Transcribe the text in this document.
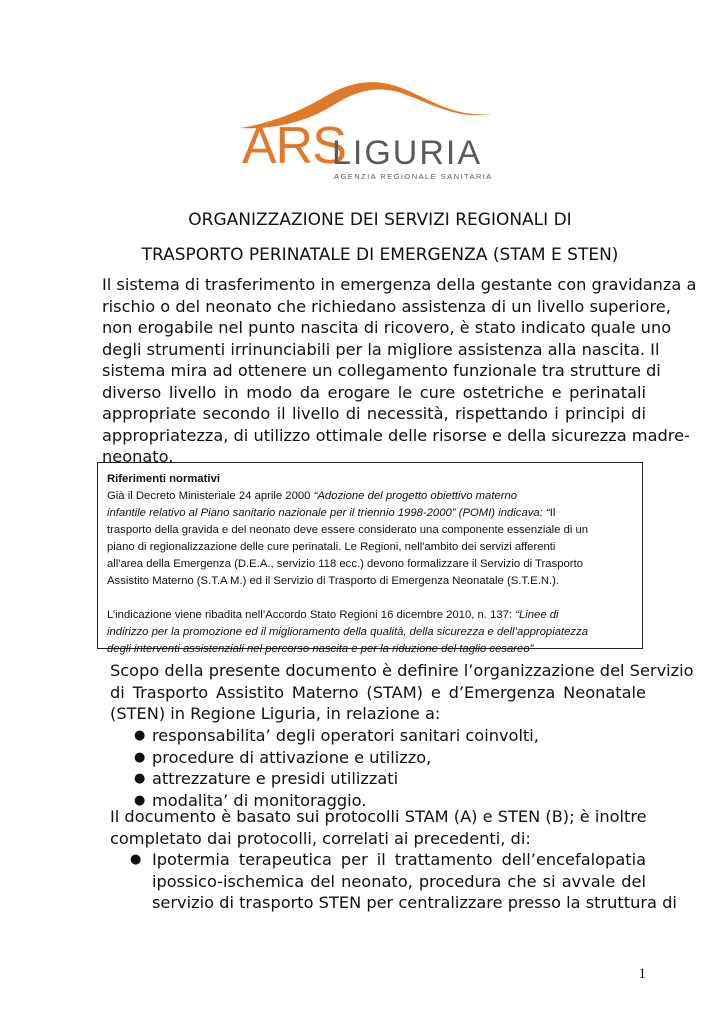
ARS
LIGURIA
AGENZIA REGIONALE SANITARIA
ORGANIZZAZIONE DEI SERVIZI REGIONALI DI
TRASPORTO PERINATALE DI EMERGENZA (STAM E STEN)
Il sistema di trasferimento in emergenza della gestante con gravidanza a
rischio o del neonato che richiedano assistenza di un livello superiore,
non erogabile nel punto nascita di ricovero, è stato indicato quale uno
degli strumenti irrinunciabili per la migliore assistenza alla nascita. Il
sistema mira ad ottenere un collegamento funzionale tra strutture di
diverso livello in modo da erogare le cure ostetriche e perinatali
appropriate secondo il livello di necessità, rispettando i principi di
appropriatezza, di utilizzo ottimale delle risorse e della sicurezza madre-
neonato.
Riferimenti normativi
Già il Decreto Ministeriale 24 aprile 2000 “Adozione del progetto obiettivo materno
infantile relativo al Piano sanitario nazionale per il triennio 1998-2000” (POMI) indicava: “Il
trasporto della gravida e del neonato deve essere considerato una componente essenziale di un
piano di regionalizzazione delle cure perinatali. Le Regioni, nell'ambito dei servizi afferenti
all'area della Emergenza (D.E.A., servizio 118 ecc.) devono formalizzare il Servizio di Trasporto
Assistito Materno (S.T.A M.) ed il Servizio di Trasporto di Emergenza Neonatale (S.T.E.N.).
L’indicazione viene ribadita nell’Accordo Stato Regioni 16 dicembre 2010, n. 137: “Linee di
indirizzo per la promozione ed il miglioramento della qualità, della sicurezza e dell’appropiatezza
degli interventi assistenziali nel percorso nascita e per la riduzione del taglio cesareo”
Scopo della presente documento è definire l’organizzazione del Servizio
di Trasporto Assistito Materno (STAM) e d’Emergenza Neonatale
(STEN) in Regione Liguria, in relazione a:
● responsabilita’ degli operatori sanitari coinvolti,
● procedure di attivazione e utilizzo,
● attrezzature e presidi utilizzati
● modalita’ di monitoraggio.
Il documento è basato sui protocolli STAM (A) e STEN (B); è inoltre
completato dai protocolli, correlati ai precedenti, di:
● Ipotermia terapeutica per il trattamento dell’encefalopatia
ipossico-ischemica del neonato, procedura che si avvale del
servizio di trasporto STEN per centralizzare presso la struttura di
1
